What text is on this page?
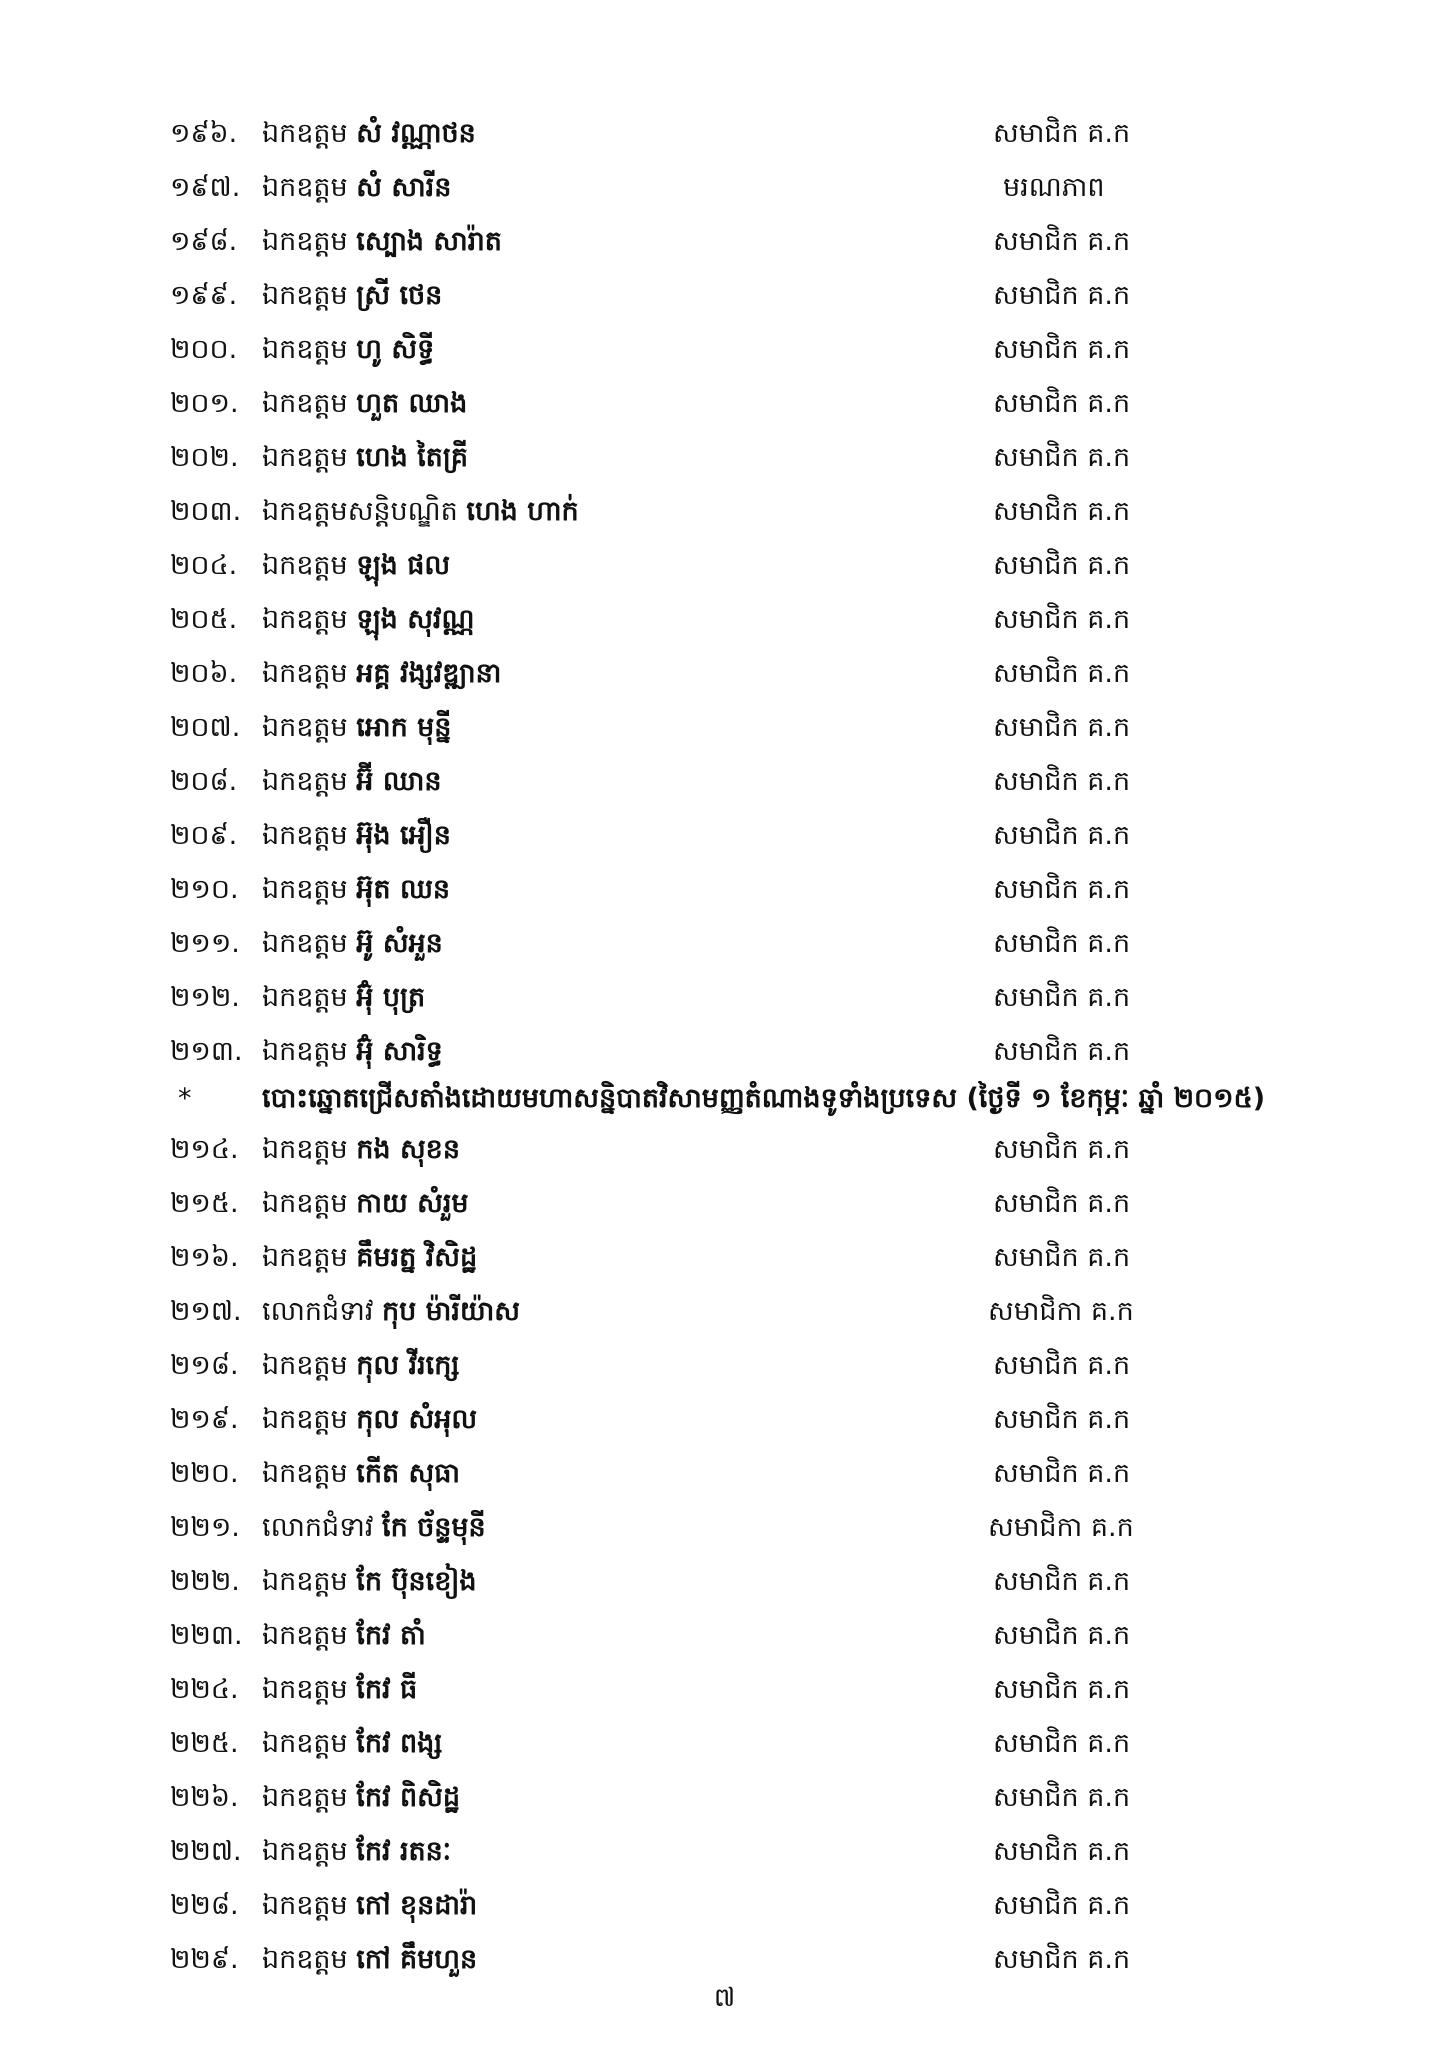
១៩៦. ឯកឧត្តម សំ វណ្ណាថន	សមាជិក គ.ក
១៩៧. ឯកឧត្តម សំ សារីន	មរណភាព
១៩៨. ឯកឧត្តម ស្បោង សារ៉ាត	សមាជិក គ.ក
១៩៩. ឯកឧត្តម ស្រី ថេន	សមាជិក គ.ក
២០០. ឯកឧត្តម ហូ សិទ្ធី	សមាជិក គ.ក
២០១. ឯកឧត្តម ហួត ឈាង	សមាជិក គ.ក
២០២. ឯកឧត្តម ហេង តៃគ្រី	សមាជិក គ.ក
២០៣. ឯកឧត្តមសន្តិបណ្ឌិត ហេង ហាក់	សមាជិក គ.ក
២០៤. ឯកឧត្តម ឡុង ផល	សមាជិក គ.ក
២០៥. ឯកឧត្តម ឡុង សុវណ្ណ	សមាជិក គ.ក
២០៦. ឯកឧត្តម អគ្គ វង្សវឌ្ឍានា	សមាជិក គ.ក
២០៧. ឯកឧត្តម អោក មុន្នី	សមាជិក គ.ក
២០៨. ឯកឧត្តម អ៊ី ឈាន	សមាជិក គ.ក
២០៩. ឯកឧត្តម អ៊ុង អឿន	សមាជិក គ.ក
២១០. ឯកឧត្តម អ៊ុត ឈន	សមាជិក គ.ក
២១១. ឯកឧត្តម អ៊ូ សំអួន	សមាជិក គ.ក
២១២. ឯកឧត្តម អ៊ុំ បុត្រ	សមាជិក គ.ក
២១៣. ឯកឧត្តម អ៊ុំ សារិទ្ធ	សមាជិក គ.ក
*	បោះឆ្នោតជ្រើសតាំងដោយមហាសន្និបាតវិសាមញ្ញតំណាងទូទាំងប្រទេស (ថ្ងៃទី ១ ខែកុម្ភៈ ឆ្នាំ ២០១៥)
២១៤. ឯកឧត្តម កង សុខន	សមាជិក គ.ក
២១៥. ឯកឧត្តម កាយ សំរួម	សមាជិក គ.ក
២១៦. ឯកឧត្តម គឹមរត្ន វិសិដ្ឋ	សមាជិក គ.ក
២១៧. លោកជំទាវ កុប ម៉ារីយ៉ាស	សមាជិកា គ.ក
២១៨. ឯកឧត្តម កុល វីរក្សេ	សមាជិក គ.ក
២១៩. ឯកឧត្តម កុល សំអុល	សមាជិក គ.ក
២២០. ឯកឧត្តម កើត សុធា	សមាជិក គ.ក
២២១. លោកជំទាវ កែ ច័ន្ទមុនី	សមាជិកា គ.ក
២២២. ឯកឧត្តម កែ ប៊ុនខៀង	សមាជិក គ.ក
២២៣. ឯកឧត្តម កែវ តាំ	សមាជិក គ.ក
២២៤. ឯកឧត្តម កែវ ធី	សមាជិក គ.ក
២២៥. ឯកឧត្តម កែវ ពង្ស	សមាជិក គ.ក
២២៦. ឯកឧត្តម កែវ ពិសិដ្ឋ	សមាជិក គ.ក
២២៧. ឯកឧត្តម កែវ រតនៈ	សមាជិក គ.ក
២២៨. ឯកឧត្តម កៅ ខុនដារ៉ា	សមាជិក គ.ក
២២៩. ឯកឧត្តម កៅ គឹមហួន	សមាជិក គ.ក
៧
